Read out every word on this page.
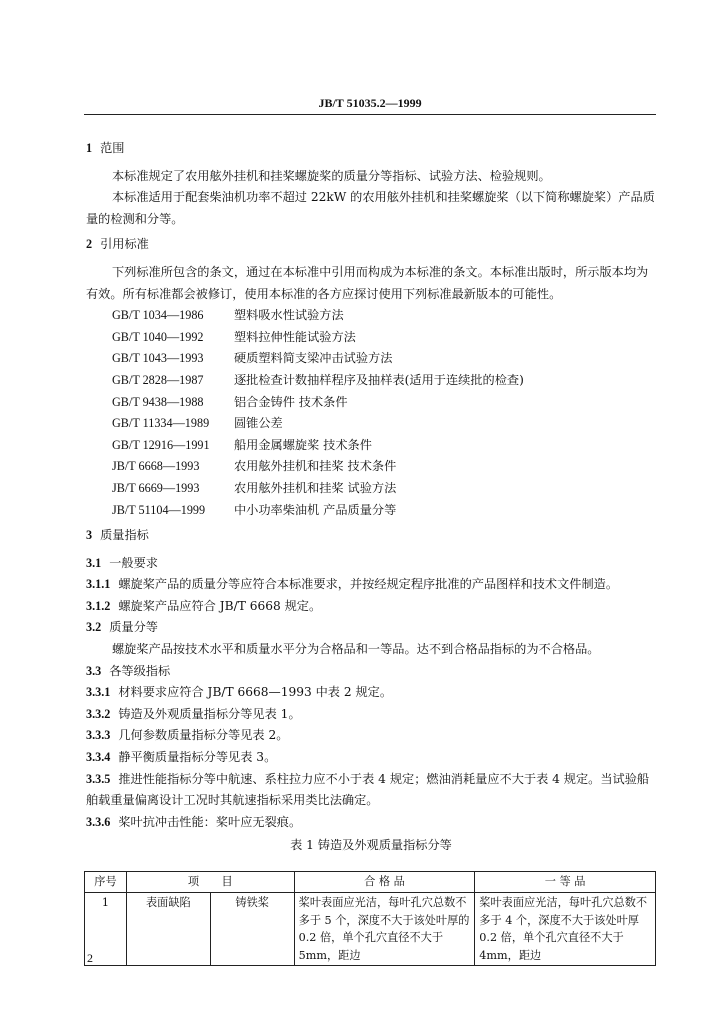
JB/T 51035.2—1999

1 范围

本标准规定了农用舷外挂机和挂桨螺旋桨的质量分等指标、试验方法、检验规则。

本标准适用于配套柴油机功率不超过 22kW 的农用舷外挂机和挂桨螺旋桨（以下简称螺旋桨）产品质量的检测和分等。

2 引用标准

下列标准所包含的条文，通过在本标准中引用而构成为本标准的条文。本标准出版时，所示版本均为有效。所有标准都会被修订，使用本标准的各方应探讨使用下列标准最新版本的可能性。

GB/T 1034—1986	塑料吸水性试验方法
GB/T 1040—1992	塑料拉伸性能试验方法
GB/T 1043—1993	硬质塑料简支梁冲击试验方法
GB/T 2828—1987	逐批检查计数抽样程序及抽样表(适用于连续批的检查)
GB/T 9438—1988	铝合金铸件 技术条件
GB/T 11334—1989	圆锥公差
GB/T 12916—1991	船用金属螺旋桨 技术条件
JB/T 6668—1993	农用舷外挂机和挂桨 技术条件
JB/T 6669—1993	农用舷外挂机和挂桨 试验方法
JB/T 51104—1999	中小功率柴油机 产品质量分等

3 质量指标

3.1 一般要求

3.1.1 螺旋桨产品的质量分等应符合本标准要求，并按经规定程序批准的产品图样和技术文件制造。

3.1.2 螺旋桨产品应符合 JB/T 6668 规定。

3.2 质量分等

螺旋桨产品按技术水平和质量水平分为合格品和一等品。达不到合格品指标的为不合格品。

3.3 各等级指标

3.3.1 材料要求应符合 JB/T 6668—1993 中表 2 规定。

3.3.2 铸造及外观质量指标分等见表 1。

3.3.3 几何参数质量指标分等见表 2。

3.3.4 静平衡质量指标分等见表 3。

3.3.5 推进性能指标分等中航速、系柱拉力应不小于表 4 规定；燃油消耗量应不大于表 4 规定。当试验船舶载重量偏离设计工况时其航速指标采用类比法确定。

3.3.6 桨叶抗冲击性能：桨叶应无裂痕。

表 1 铸造及外观质量指标分等

序号	项　　目		合 格 品	一 等 品
1	表面缺陷	铸铁桨	桨叶表面应光洁，每叶孔穴总数不多于 5 个，深度不大于该处叶厚的 0.2 倍，单个孔穴直径不大于 5mm，距边	桨叶表面应光洁，每叶孔穴总数不多于 4 个，深度不大于该处叶厚 0.2 倍，单个孔穴直径不大于 4mm，距边
2
